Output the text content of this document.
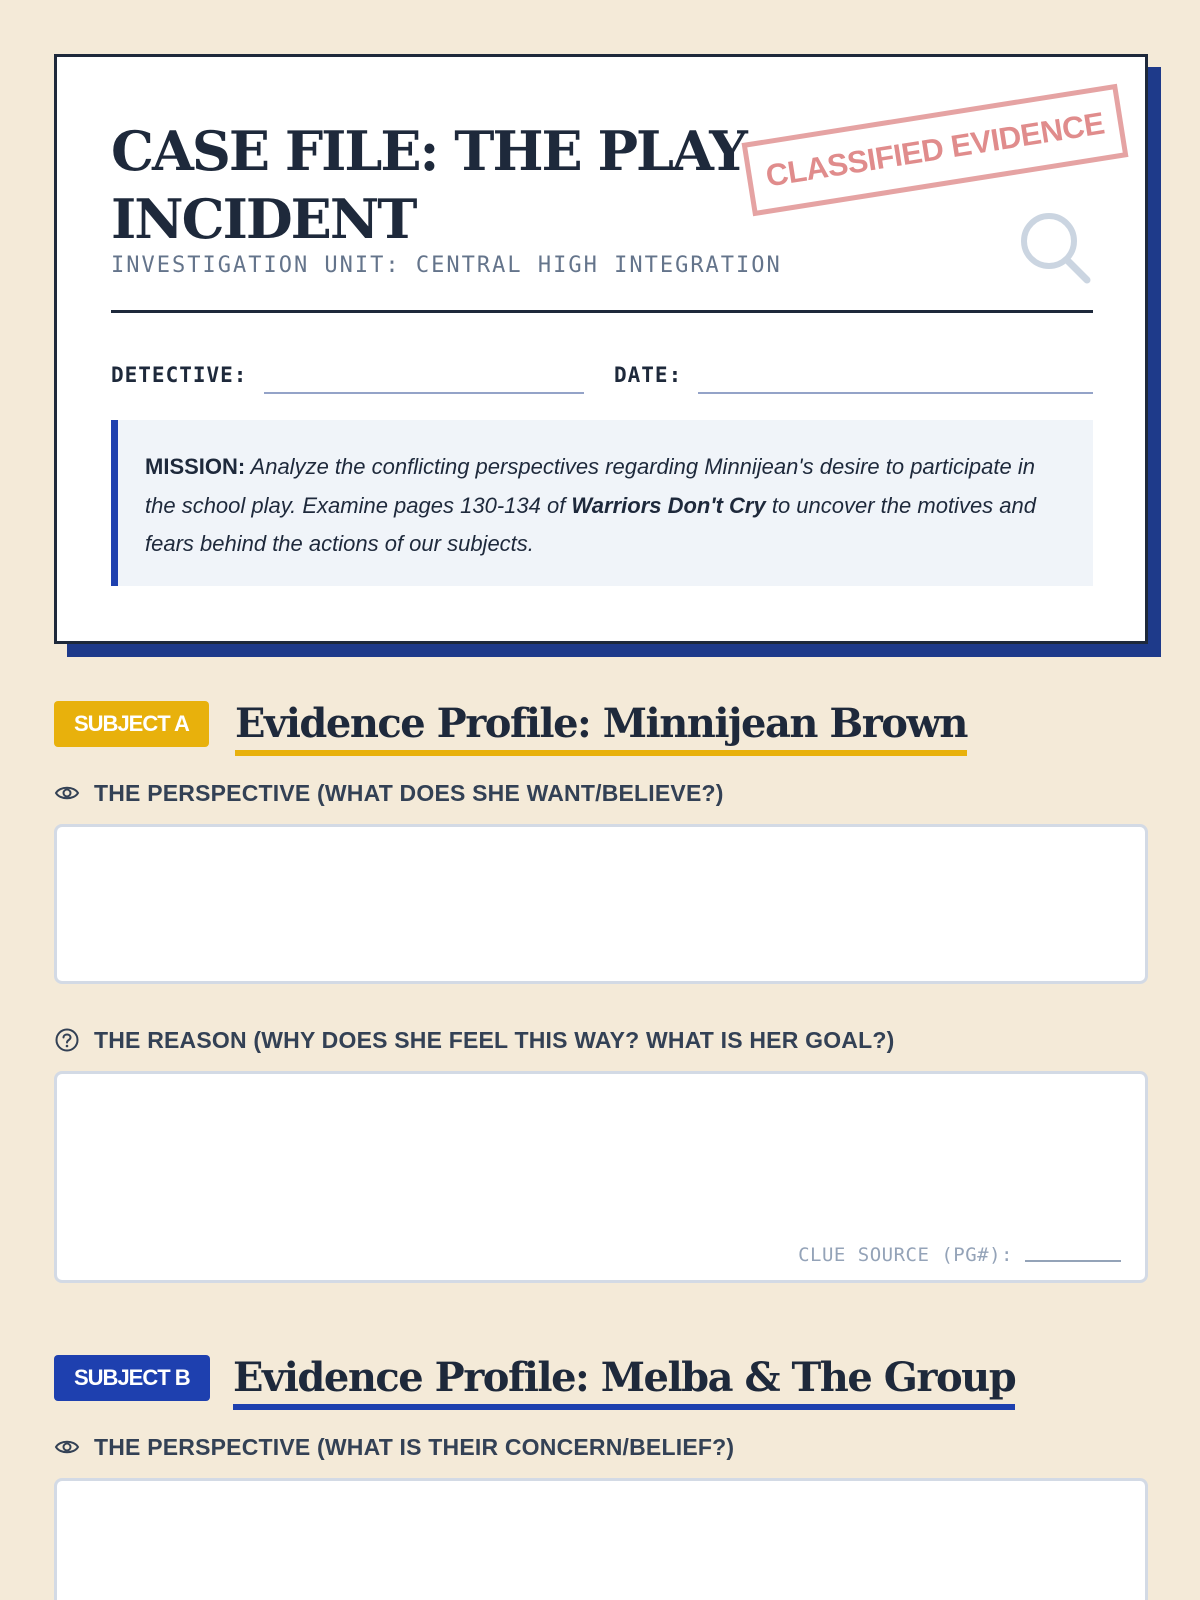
CASE FILE: THE PLAY INCIDENT
INVESTIGATION UNIT: CENTRAL HIGH INTEGRATION
CLASSIFIED EVIDENCE
DETECTIVE:	DATE:
MISSION: Analyze the conflicting perspectives regarding Minnijean's desire to participate in the school play. Examine pages 130-134 of Warriors Don't Cry to uncover the motives and fears behind the actions of our subjects.
SUBJECT A	Evidence Profile: Minnijean Brown
THE PERSPECTIVE (WHAT DOES SHE WANT/BELIEVE?)
THE REASON (WHY DOES SHE FEEL THIS WAY? WHAT IS HER GOAL?)
CLUE SOURCE (PG#):
SUBJECT B	Evidence Profile: Melba & The Group
THE PERSPECTIVE (WHAT IS THEIR CONCERN/BELIEF?)
